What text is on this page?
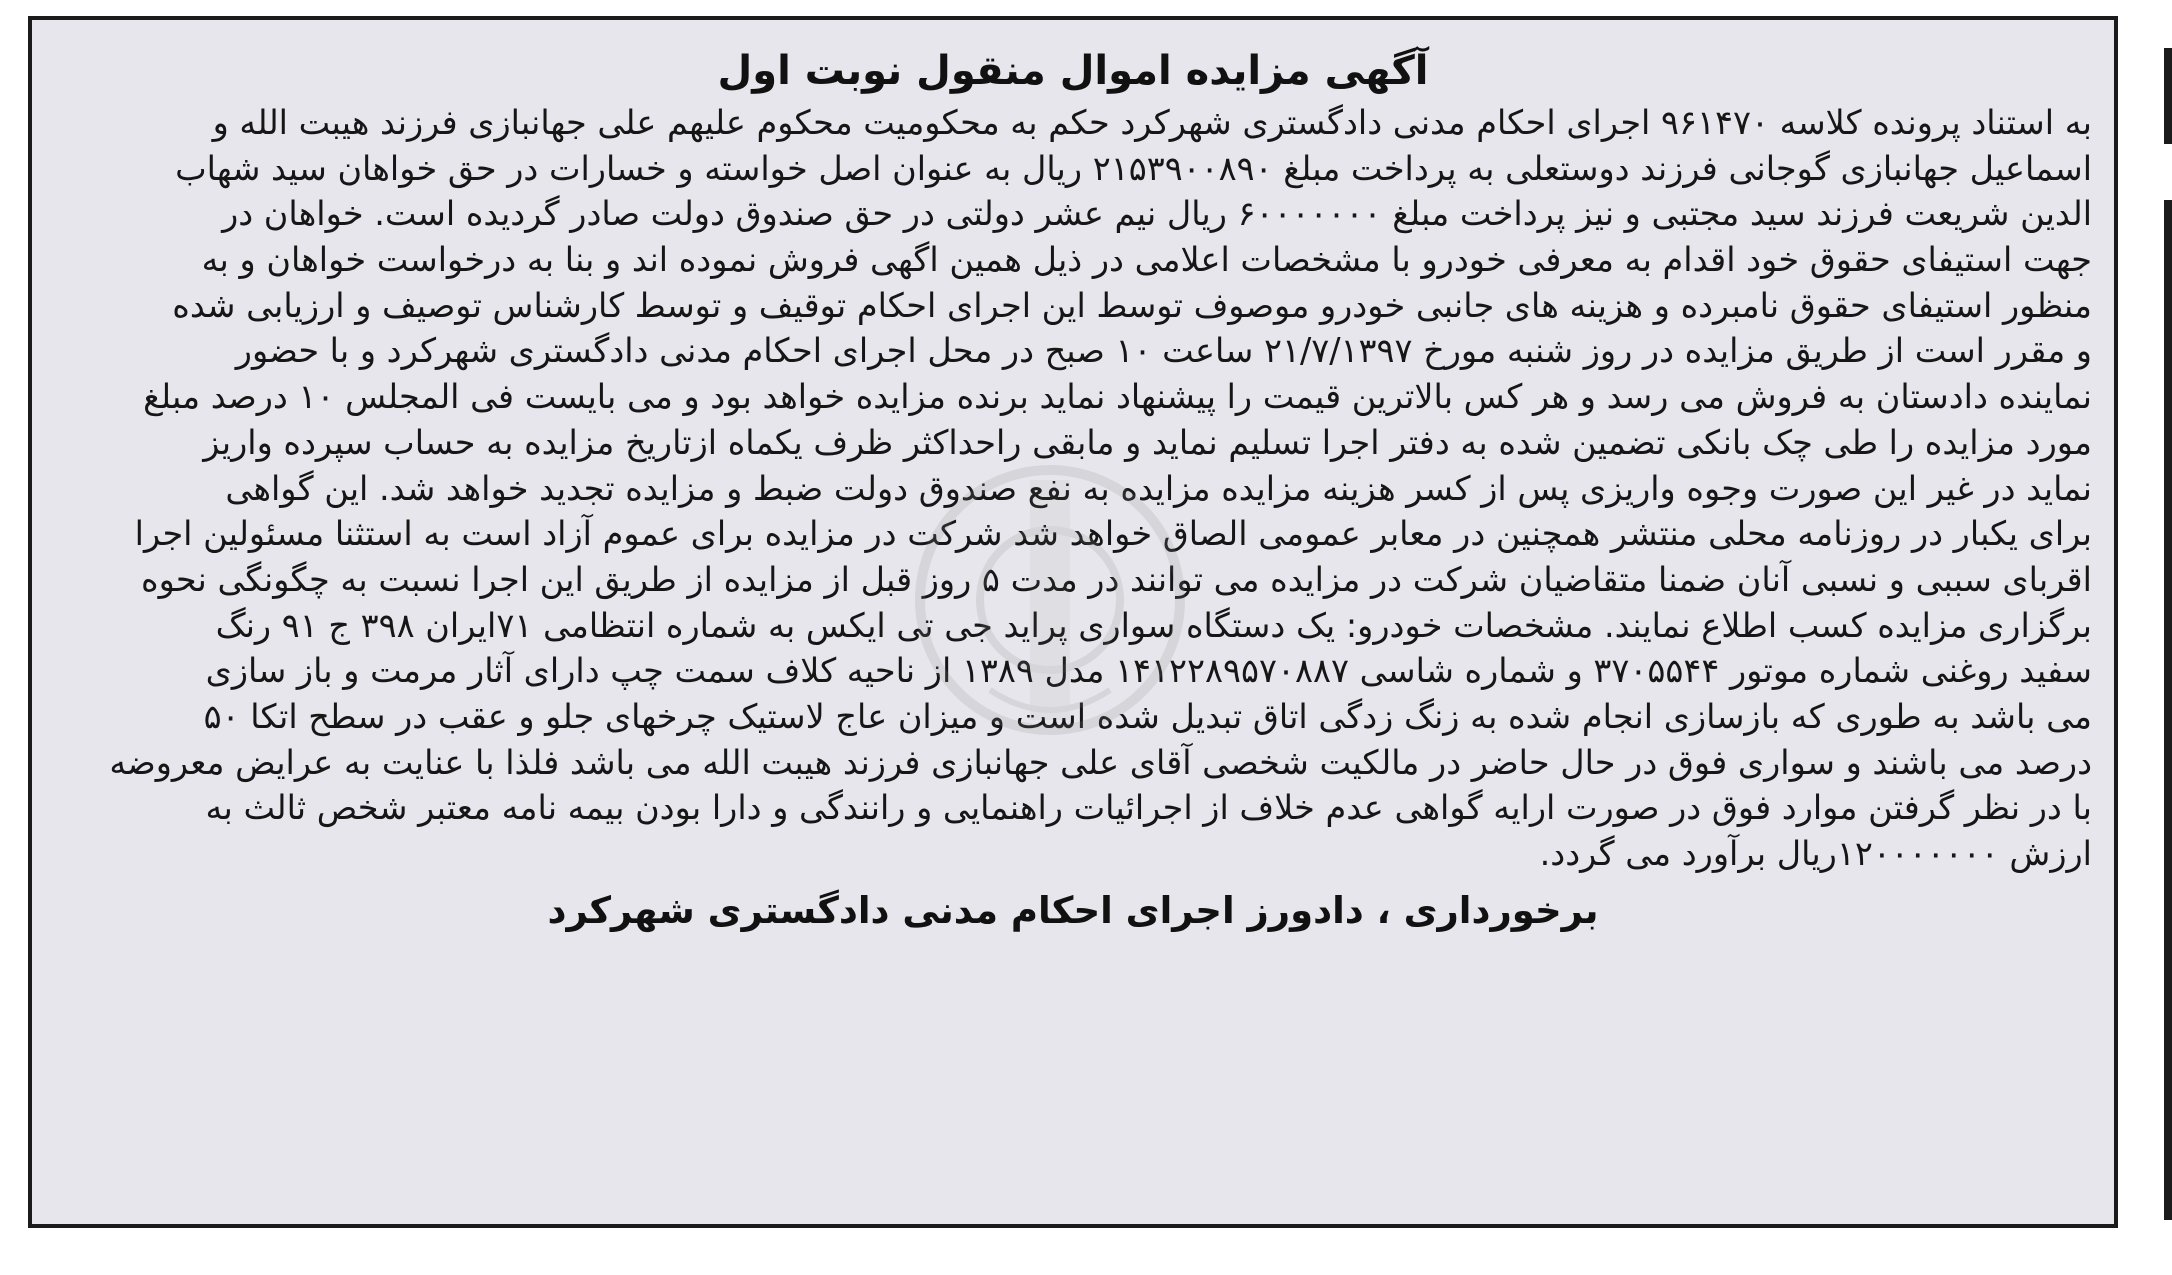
آگهی مزایده اموال منقول نوبت اول
به استناد پرونده کلاسه ۹۶۱۴۷۰ اجرای احکام مدنی دادگستری شهرکرد حکم به محکومیت محکوم علیهم علی جهانبازی فرزند هیبت الله و
اسماعیل جهانبازی گوجانی فرزند دوستعلی به پرداخت مبلغ ۲۱۵۳۹۰۰۸۹۰ ریال به عنوان اصل خواسته و خسارات در حق خواهان سید شهاب
الدین شریعت فرزند سید مجتبی و نیز پرداخت مبلغ ۶۰۰۰۰۰۰۰ ریال نیم عشر دولتی در حق صندوق دولت صادر گردیده است. خواهان در
جهت استیفای حقوق خود اقدام به معرفی خودرو با مشخصات اعلامی در ذیل همین اگهی فروش نموده اند و بنا به درخواست خواهان و به
منظور استیفای حقوق نامبرده و هزینه های جانبی خودرو موصوف توسط این اجرای احکام توقیف و توسط کارشناس توصیف و ارزیابی شده
و مقرر است از طریق مزایده در روز شنبه مورخ ۲۱/۷/۱۳۹۷ ساعت ۱۰ صبح در محل اجرای احکام مدنی دادگستری شهرکرد و با حضور
نماینده دادستان به فروش می رسد و هر کس بالاترین قیمت را پیشنهاد نماید برنده مزایده خواهد بود و می بایست فی المجلس ۱۰ درصد مبلغ
مورد مزایده را طی چک بانکی تضمین شده به دفتر اجرا تسلیم نماید و مابقی راحداکثر ظرف یکماه ازتاریخ مزایده به حساب سپرده واریز
نماید در غیر این صورت وجوه واریزی پس از کسر هزینه مزایده مزایده به نفع صندوق دولت ضبط و مزایده تجدید خواهد شد. این گواهی
برای یکبار در روزنامه محلی منتشر همچنین در معابر عمومی الصاق خواهد شد شرکت در مزایده برای عموم آزاد است به استثنا مسئولین اجرا
اقربای سببی و نسبی آنان ضمنا متقاضیان شرکت در مزایده می توانند در مدت ۵ روز قبل از مزایده از طریق این اجرا نسبت به چگونگی نحوه
برگزاری مزایده کسب اطلاع نمایند. مشخصات خودرو: یک دستگاه سواری پراید جی تی ایکس به شماره انتظامی ۷۱ایران ۳۹۸ ج ۹۱ رنگ
سفید روغنی شماره موتور ۳۷۰۵۵۴۴ و شماره شاسی ۱۴۱۲۲۸۹۵۷۰۸۸۷ مدل ۱۳۸۹ از ناحیه کلاف سمت چپ دارای آثار مرمت و باز سازی
می باشد به طوری که بازسازی انجام شده به زنگ زدگی اتاق تبدیل شده است و میزان عاج لاستیک چرخهای جلو و عقب در سطح اتکا ۵۰
درصد می باشند و سواری فوق در حال حاضر در مالکیت شخصی آقای علی جهانبازی فرزند هیبت الله می باشد فلذا با عنایت به عرایض معروضه
با در نظر گرفتن موارد فوق در صورت ارایه گواهی عدم خلاف از اجرائیات راهنمایی و رانندگی و دارا بودن بیمه نامه معتبر شخص ثالث به
ارزش ۱۲۰۰۰۰۰۰۰ریال برآورد می گردد.
برخورداری ، دادورز اجرای احکام مدنی دادگستری شهرکرد
